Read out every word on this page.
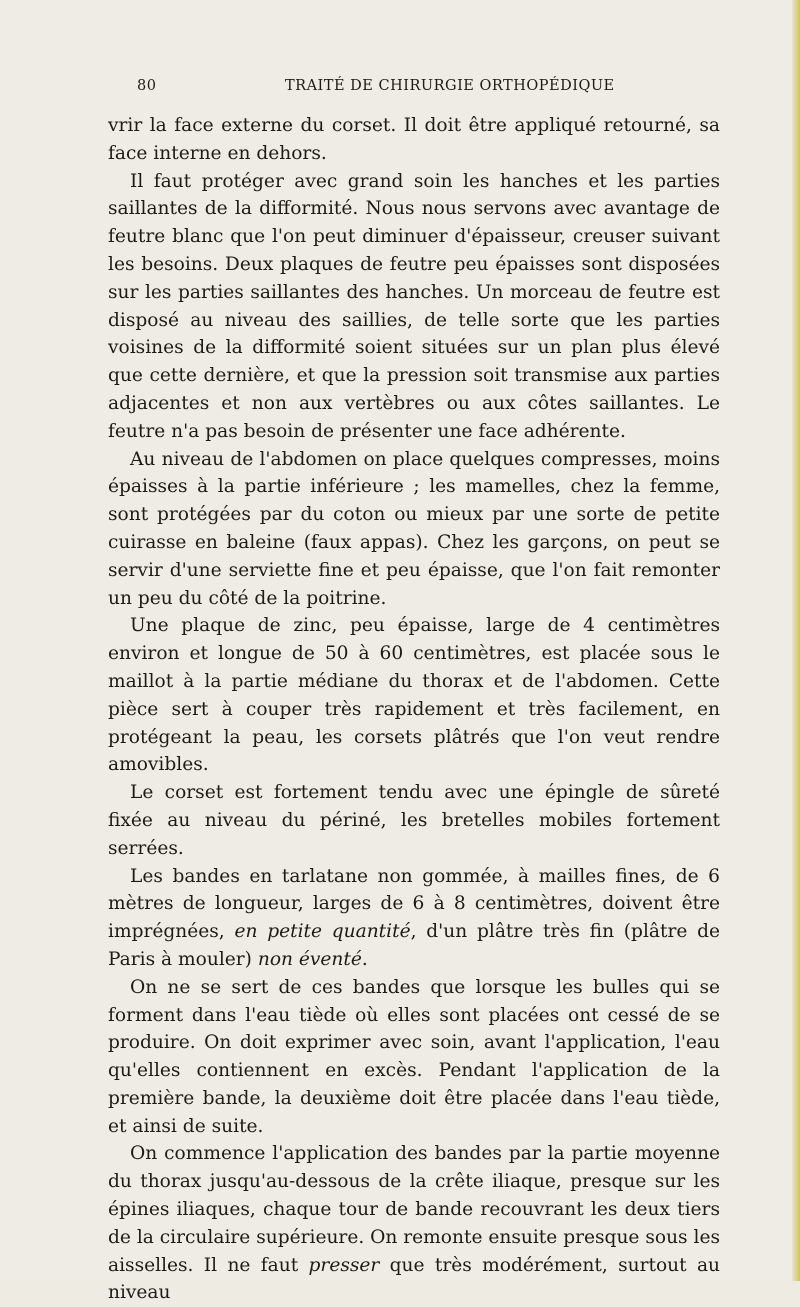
80	TRAITÉ DE CHIRURGIE ORTHOPÉDIQUE

vrir la face externe du corset. Il doit être appliqué retourné, sa face interne en dehors.

Il faut protéger avec grand soin les hanches et les parties saillantes de la difformité. Nous nous servons avec avantage de feutre blanc que l'on peut diminuer d'épaisseur, creuser suivant les besoins. Deux plaques de feutre peu épaisses sont disposées sur les parties saillantes des hanches. Un morceau de feutre est disposé au niveau des saillies, de telle sorte que les parties voisines de la difformité soient situées sur un plan plus élevé que cette dernière, et que la pression soit transmise aux parties adjacentes et non aux vertèbres ou aux côtes saillantes. Le feutre n'a pas besoin de présenter une face adhérente.

Au niveau de l'abdomen on place quelques compresses, moins épaisses à la partie inférieure ; les mamelles, chez la femme, sont protégées par du coton ou mieux par une sorte de petite cuirasse en baleine (faux appas). Chez les garçons, on peut se servir d'une serviette fine et peu épaisse, que l'on fait remonter un peu du côté de la poitrine.

Une plaque de zinc, peu épaisse, large de 4 centimètres environ et longue de 50 à 60 centimètres, est placée sous le maillot à la partie médiane du thorax et de l'abdomen. Cette pièce sert à couper très rapidement et très facilement, en protégeant la peau, les corsets plâtrés que l'on veut rendre amovibles.

Le corset est fortement tendu avec une épingle de sûreté fixée au niveau du périné, les bretelles mobiles fortement serrées.

Les bandes en tarlatane non gommée, à mailles fines, de 6 mètres de longueur, larges de 6 à 8 centimètres, doivent être imprégnées, en petite quantité, d'un plâtre très fin (plâtre de Paris à mouler) non éventé.

On ne se sert de ces bandes que lorsque les bulles qui se forment dans l'eau tiède où elles sont placées ont cessé de se produire. On doit exprimer avec soin, avant l'application, l'eau qu'elles contiennent en excès. Pendant l'application de la première bande, la deuxième doit être placée dans l'eau tiède, et ainsi de suite.

On commence l'application des bandes par la partie moyenne du thorax jusqu'au-dessous de la crête iliaque, presque sur les épines iliaques, chaque tour de bande recouvrant les deux tiers de la circulaire supérieure. On remonte ensuite presque sous les aisselles. Il ne faut presser que très modérément, surtout au niveau
